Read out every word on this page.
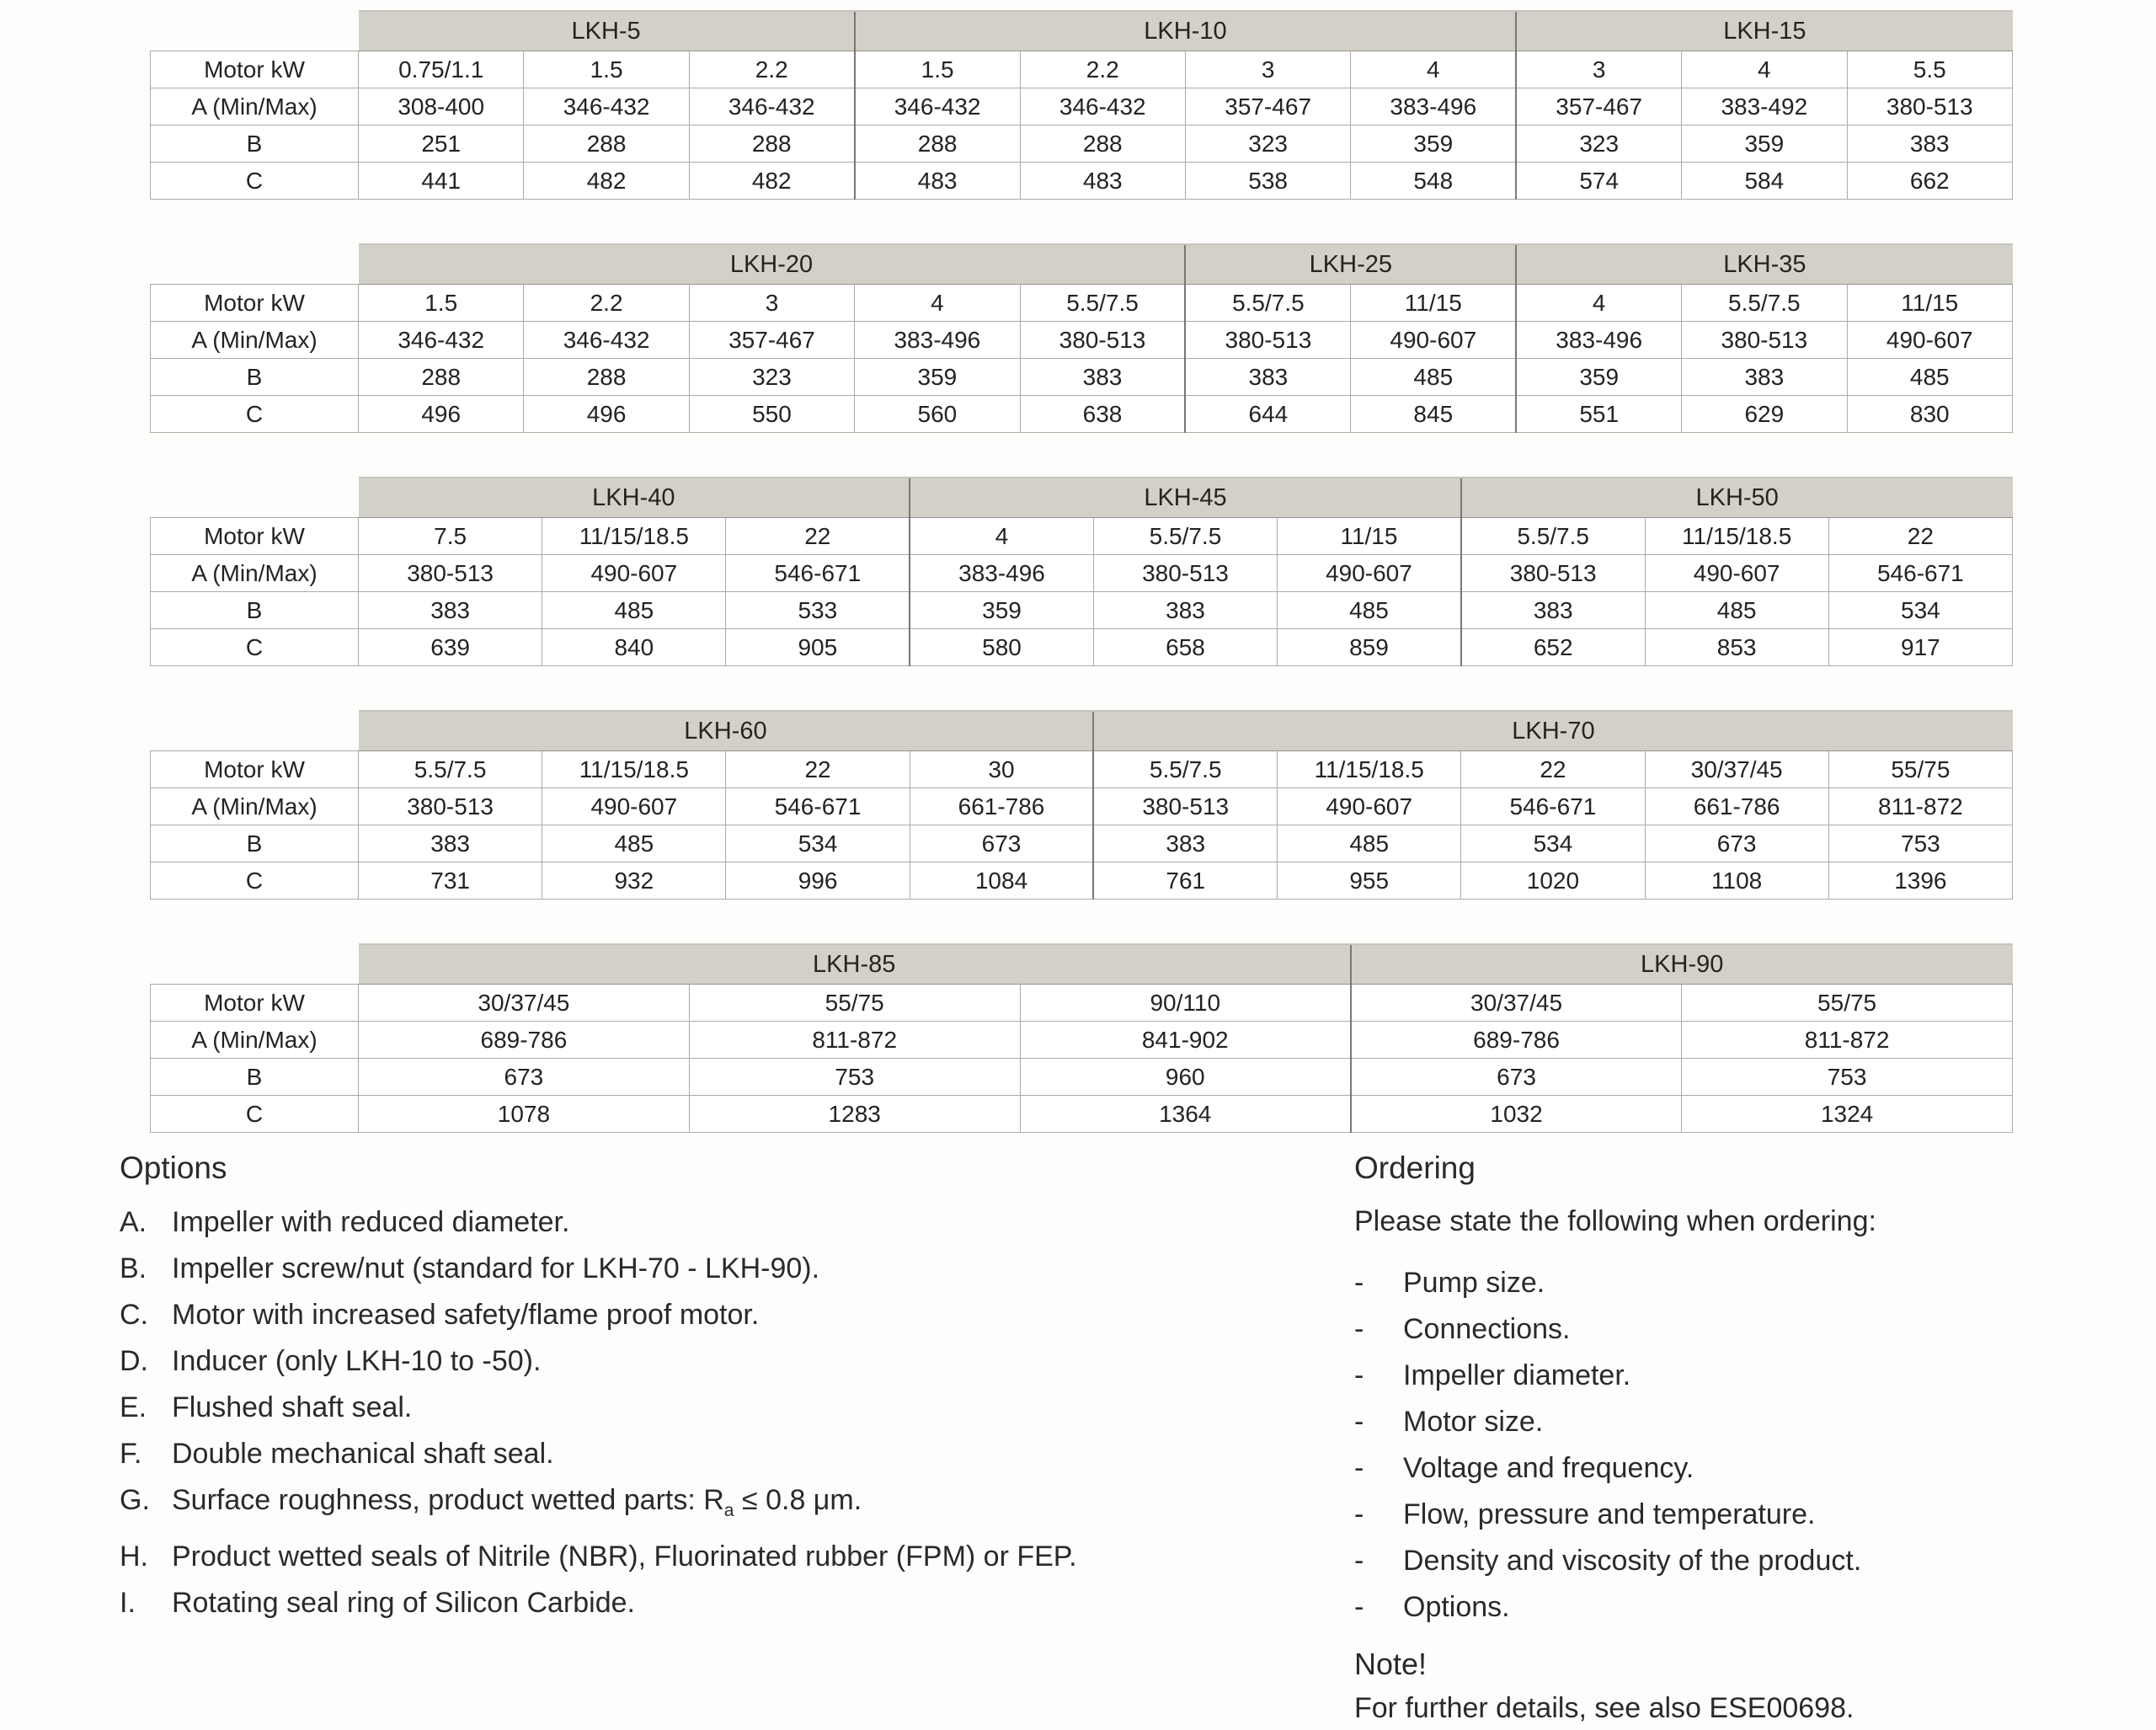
	LKH-5			LKH-10				LKH-15		
Motor kW	0.75/1.1	1.5	2.2	1.5	2.2	3	4	3	4	5.5
A (Min/Max)	308-400	346-432	346-432	346-432	346-432	357-467	383-496	357-467	383-492	380-513
B	251	288	288	288	288	323	359	323	359	383
C	441	482	482	483	483	538	548	574	584	662
	LKH-20					LKH-25		LKH-35		
Motor kW	1.5	2.2	3	4	5.5/7.5	5.5/7.5	11/15	4	5.5/7.5	11/15
A (Min/Max)	346-432	346-432	357-467	383-496	380-513	380-513	490-607	383-496	380-513	490-607
B	288	288	323	359	383	383	485	359	383	485
C	496	496	550	560	638	644	845	551	629	830
	LKH-40			LKH-45			LKH-50		
Motor kW	7.5	11/15/18.5	22	4	5.5/7.5	11/15	5.5/7.5	11/15/18.5	22
A (Min/Max)	380-513	490-607	546-671	383-496	380-513	490-607	380-513	490-607	546-671
B	383	485	533	359	383	485	383	485	534
C	639	840	905	580	658	859	652	853	917
	LKH-60				LKH-70				
Motor kW	5.5/7.5	11/15/18.5	22	30	5.5/7.5	11/15/18.5	22	30/37/45	55/75
A (Min/Max)	380-513	490-607	546-671	661-786	380-513	490-607	546-671	661-786	811-872
B	383	485	534	673	383	485	534	673	753
C	731	932	996	1084	761	955	1020	1108	1396
	LKH-85			LKH-90	
Motor kW	30/37/45	55/75	90/110	30/37/45	55/75
A (Min/Max)	689-786	811-872	841-902	689-786	811-872
B	673	753	960	673	753
C	1078	1283	1364	1032	1324
Options
A. Impeller with reduced diameter.
B. Impeller screw/nut (standard for LKH-70 - LKH-90).
C. Motor with increased safety/flame proof motor.
D. Inducer (only LKH-10 to -50).
E. Flushed shaft seal.
F.	Double mechanical shaft seal.
G. Surface roughness, product wetted parts: $R_a \le 0.8$ μm.
H. Product wetted seals of Nitrile (NBR), Fluorinated rubber (FPM) or FEP.
I.	Rotating seal ring of Silicon Carbide.
Ordering
Please state the following when ordering:
-	Pump size.
-	Connections.
-	Impeller diameter.
-	Motor size.
-	Voltage and frequency.
-	Flow, pressure and temperature.
-	Density and viscosity of the product.
-	Options.
Note!
For further details, see also ESE00698.
